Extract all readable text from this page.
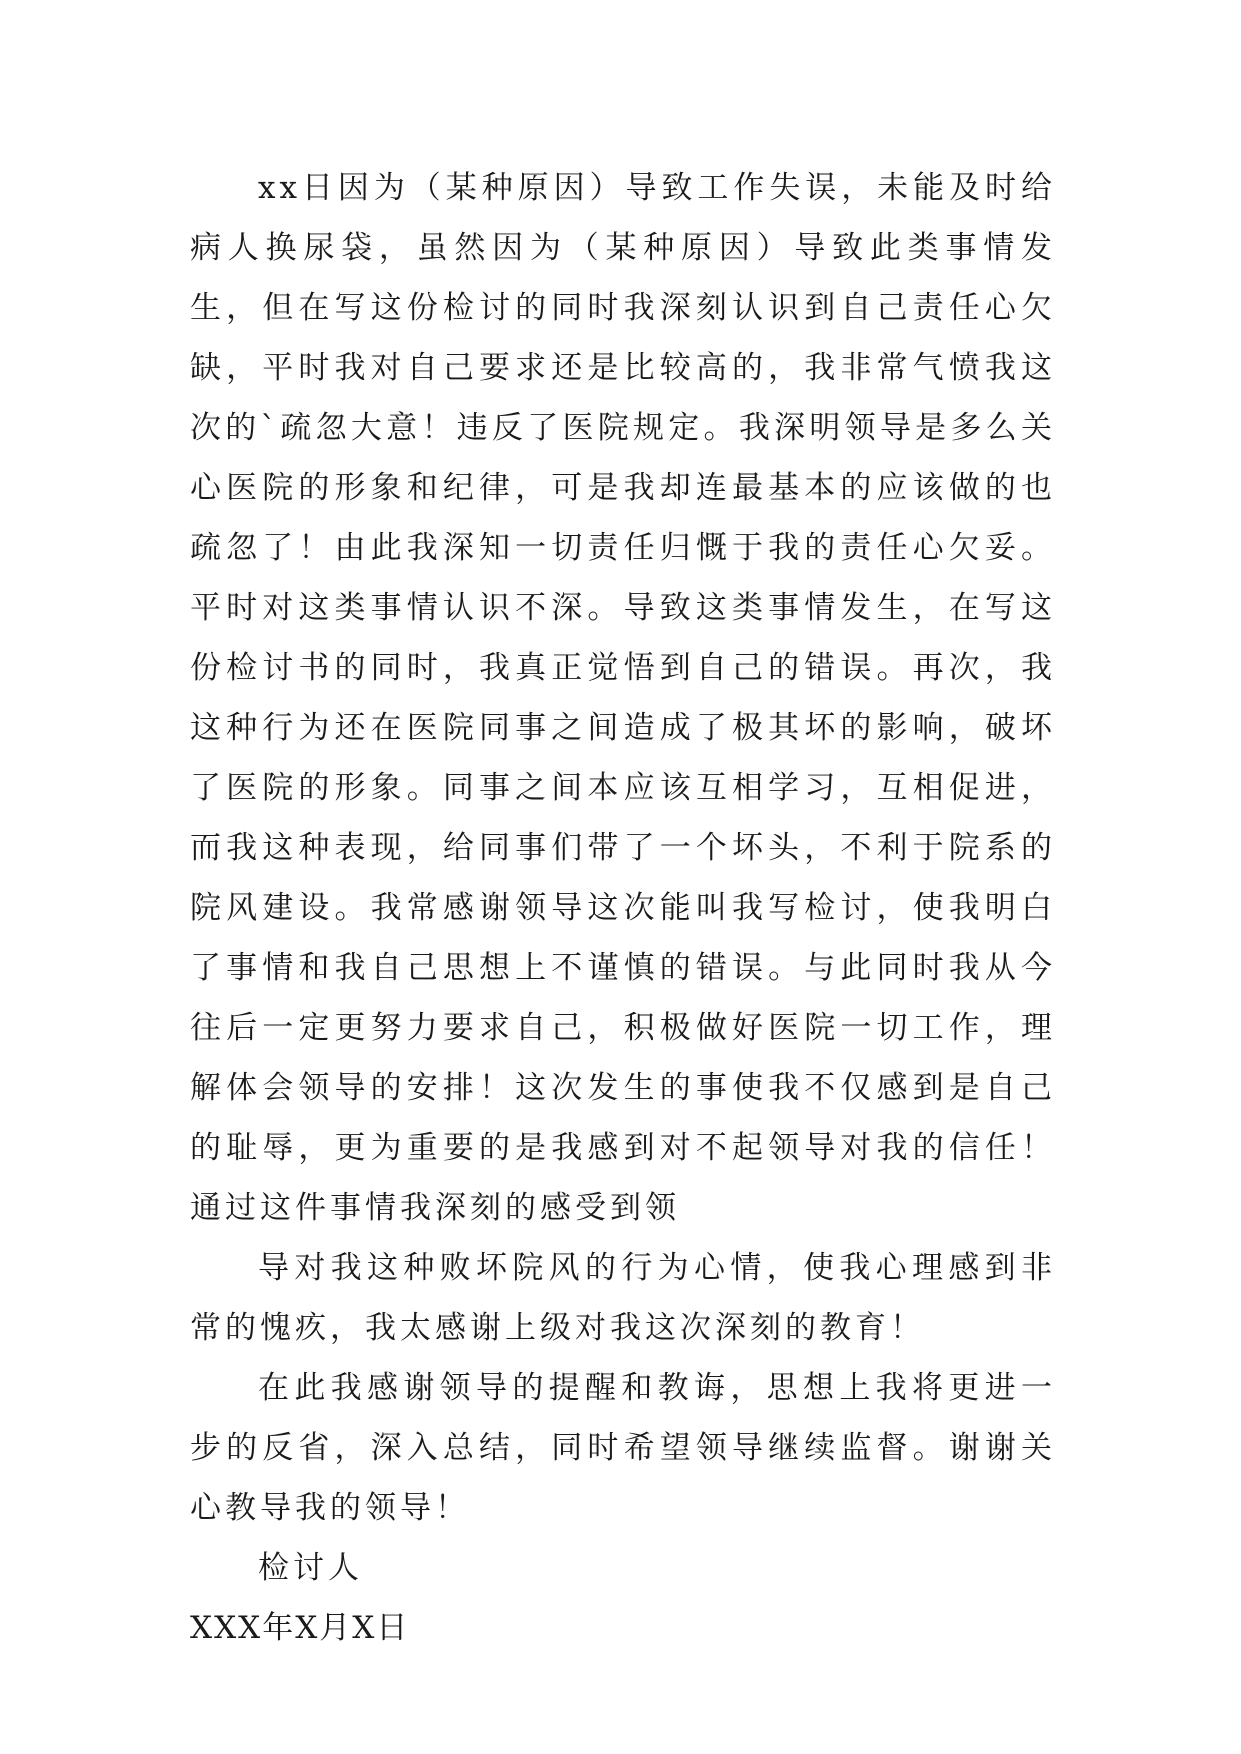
xx日因为（某种原因）导致工作失误，未能及时给病人换尿袋，虽然因为（某种原因）导致此类事情发生，但在写这份检讨的同时我深刻认识到自己责任心欠缺，平时我对自己要求还是比较高的，我非常气愤我这次的`疏忽大意！违反了医院规定。我深明领导是多么关心医院的形象和纪律，可是我却连最基本的应该做的也疏忽了！由此我深知一切责任归慨于我的责任心欠妥。平时对这类事情认识不深。导致这类事情发生，在写这份检讨书的同时，我真正觉悟到自己的错误。再次，我这种行为还在医院同事之间造成了极其坏的影响，破坏了医院的形象。同事之间本应该互相学习，互相促进，而我这种表现，给同事们带了一个坏头，不利于院系的院风建设。我常感谢领导这次能叫我写检讨，使我明白了事情和我自己思想上不谨慎的错误。与此同时我从今往后一定更努力要求自己，积极做好医院一切工作，理解体会领导的安排！这次发生的事使我不仅感到是自己的耻辱，更为重要的是我感到对不起领导对我的信任！通过这件事情我深刻的感受到领

导对我这种败坏院风的行为心情，使我心理感到非常的愧疚，我太感谢上级对我这次深刻的教育！

在此我感谢领导的提醒和教诲，思想上我将更进一步的反省，深入总结，同时希望领导继续监督。谢谢关心教导我的领导！

检讨人

XXX年X月X日
